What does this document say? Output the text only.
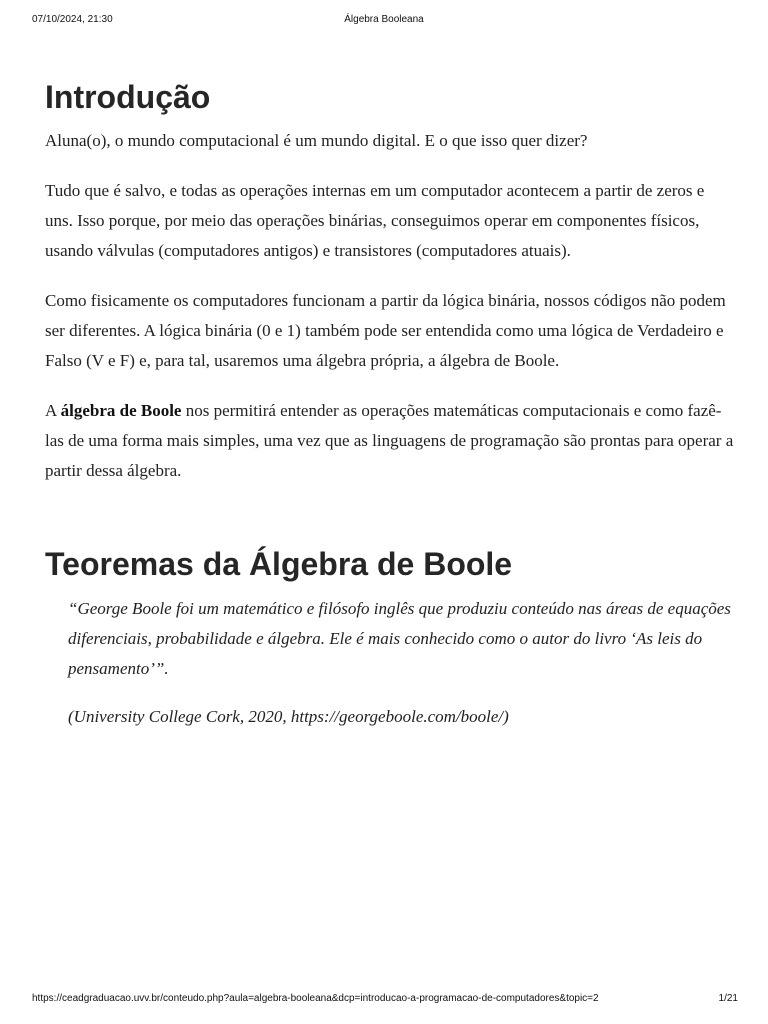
07/10/2024, 21:30	Álgebra Booleana
Introdução

Aluna(o), o mundo computacional é um mundo digital. E o que isso quer dizer?

Tudo que é salvo, e todas as operações internas em um computador acontecem a partir de zeros e uns. Isso porque, por meio das operações binárias, conseguimos operar em componentes físicos, usando válvulas (computadores antigos) e transistores (computadores atuais).

Como fisicamente os computadores funcionam a partir da lógica binária, nossos códigos não podem ser diferentes. A lógica binária (0 e 1) também pode ser entendida como uma lógica de Verdadeiro e Falso (V e F) e, para tal, usaremos uma álgebra própria, a álgebra de Boole.

A álgebra de Boole nos permitirá entender as operações matemáticas computacionais e como fazê-las de uma forma mais simples, uma vez que as linguagens de programação são prontas para operar a partir dessa álgebra.

Teoremas da Álgebra de Boole

“George Boole foi um matemático e filósofo inglês que produziu conteúdo nas áreas de equações diferenciais, probabilidade e álgebra. Ele é mais conhecido como o autor do livro ‘As leis do pensamento’”.

(University College Cork, 2020, https://georgeboole.com/boole/)

https://ceadgraduacao.uvv.br/conteudo.php?aula=algebra-booleana&dcp=introducao-a-programacao-de-computadores&topic=2	1/21
